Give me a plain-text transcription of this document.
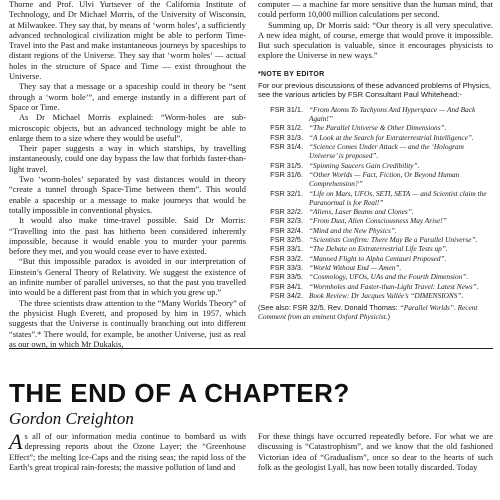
Thorne and Prof. Ulvi Yurtsever of the California Institute of Technology, and Dr Michael Morris, of the University of Wisconsin, at Milwaukee. They say that, by means of ‘worm holes’, a sufficiently advanced technological civilization might be able to perform Time-Travel into the Past and make instantaneous journeys by spaceships to distant regions of the Universe. They say that ‘worm holes’ — actual holes in the structure of Space and Time — exist throughout the Universe.

They say that a message or a spaceship could in theory be “sent through a ‘worm hole’”, and emerge instantly in a different part of Space or Time.

As Dr Michael Morris explained: “Worm-holes are sub-microscopic objects, but an advanced technology might be able to enlarge them to a size where they would be useful”.

Their paper suggests a way in which starships, by travelling instantaneously, could one day bypass the law that forbids faster-than-light travel.

Two ‘worm-holes’ separated by vast distances would in theory “create a tunnel through Space-Time between them”. This would enable a spaceship or a message to make journeys that would be totally impossible in conventional physics.

It would also make time-travel possible. Said Dr Morris: “Travelling into the past has hitherto been considered inherently impossible, because it would enable you to murder your parents before they met, and you would cease ever to have existed.

“But this impossible paradox is avoided in our interpretation of Einstein’s General Theory of Relativity. We suggest the existence of an infinite number of parallel universes, so that the past you travelled into would be a different past from that in which you grew up.”

The three scientists draw attention to the “Many Worlds Theory” of the physicist Hugh Everett, and proposed by him in 1957, which suggests that the Universe is continually branching out into different “states”.* There would, for example, be another Universe, just as real as our own, in which Mr Dukakis,

computer — a machine far more sensitive than the human mind, that could perform 10,000 million calculations per second.

Summing up, Dr Morris said: “Our theory is all very speculative. A new idea might, of course, emerge that would prove it impossible. But such speculation is valuable, since it encourages physicists to explore the Universe in new ways.”

*NOTE BY EDITOR
For our previous discussions of these advanced problems of Physics, see the various articles by FSR Consultant Paul Whitehead:-
FSR 31/1. “From Atoms To Tachyons And Hyperspace — And Back Again!”
FSR 31/2. “The Parallel Universe & Other Dimensions”.
FSR 31/3. “A Look at the Search for Extraterrestrial Intelligence”.
FSR 31/4. “Science Comes Under Attack — and the ‘Hologram Universe’ is proposed”.
FSR 31/5. “Spinning Saucers Gain Credibility”.
FSR 31/6. “Other Worlds — Fact, Fiction, Or Beyond Human Comprehension?”
FSR 32/1. “Life on Mars, UFOs, SETI, SETA — and Scientist claim the Paranormal is for Real!”
FSR 32/2. “Aliens, Laser Beams and Clones”.
FSR 32/3. “From Dust, Alien Consciousness May Arise!”
FSR 32/4. “Mind and the New Physics”.
FSR 32/5. “Scientists Confirm: There May Be a Parallel Universe”.
FSR 33/1. “The Debate on Extraterrestrial Life Tests up”.
FSR 33/2. “Manned Flight to Alpha Centauri Proposed”.
FSR 33/3. “World Without End — Amen”.
FSR 33/5. “Cosmology, UFOs, UAs and the Fourth Dimension”.
FSR 34/1. “Wormholes and Faster-than-Light Travel: Latest News”.
FSR 34/2. Book Review: Dr Jacques Vallée’s “DIMENSIONS”.
(See also: FSR 32/5. Rev. Donald Thomas: “Parallel Worlds”. Recent Comment from an eminent Oxford Physicist.)
THE END OF A CHAPTER?
Gordon Creighton
As all of our information media continue to bombard us with depressing reports about the Ozone Layer; the “Greenhouse Effect”; the melting Ice-Caps and the rising seas; the rapid loss of the Earth’s great tropical rain-forests; the massive pollution of land and
For these things have occurred repeatedly before. For what we are discussing is “Catastrophism”, and we know that the old fashioned Victorian idea of “Gradualism”, once so dear to the hearts of such folk as the geologist Lyall, has now been totally discarded. Today
